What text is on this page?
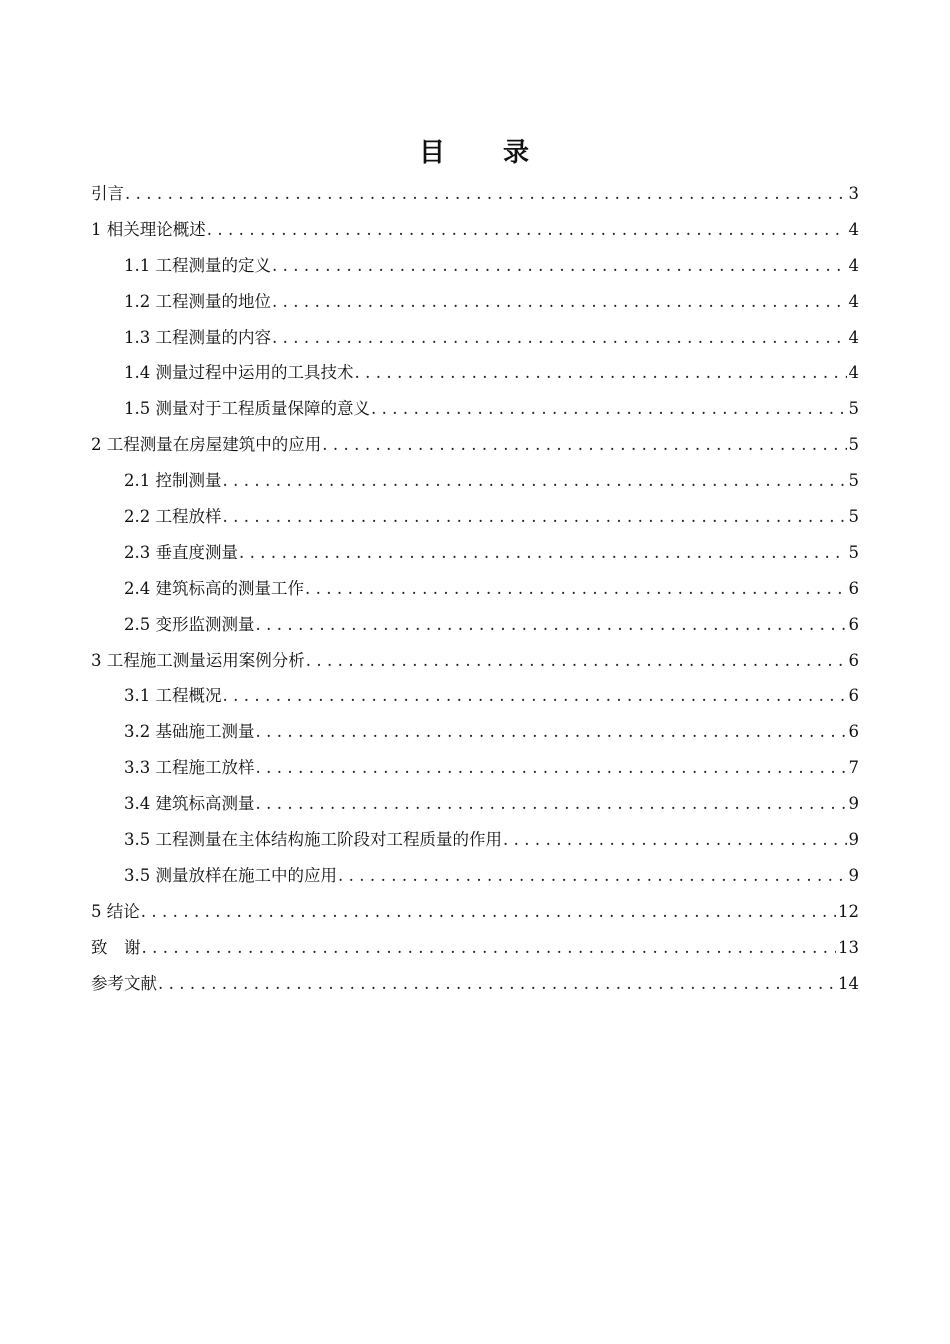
目　　录
引言 .....	3
1 相关理论概述 .....	4
1.1 工程测量的定义 .....	4
1.2 工程测量的地位 .....	4
1.3 工程测量的内容 .....	4
1.4 测量过程中运用的工具技术 .....	4
1.5 测量对于工程质量保障的意义 .....	5
2 工程测量在房屋建筑中的应用 .....	5
2.1 控制测量 .....	5
2.2 工程放样 .....	5
2.3 垂直度测量 .....	5
2.4 建筑标高的测量工作 .....	6
2.5 变形监测测量 .....	6
3 工程施工测量运用案例分析 .....	6
3.1 工程概况 .....	6
3.2 基础施工测量 .....	6
3.3 工程施工放样 .....	7
3.4 建筑标高测量 .....	9
3.5 工程测量在主体结构施工阶段对工程质量的作用 .....	9
3.5 测量放样在施工中的应用 .....	9
5 结论 .....	12
致　谢 .....	13
参考文献 .....	14
